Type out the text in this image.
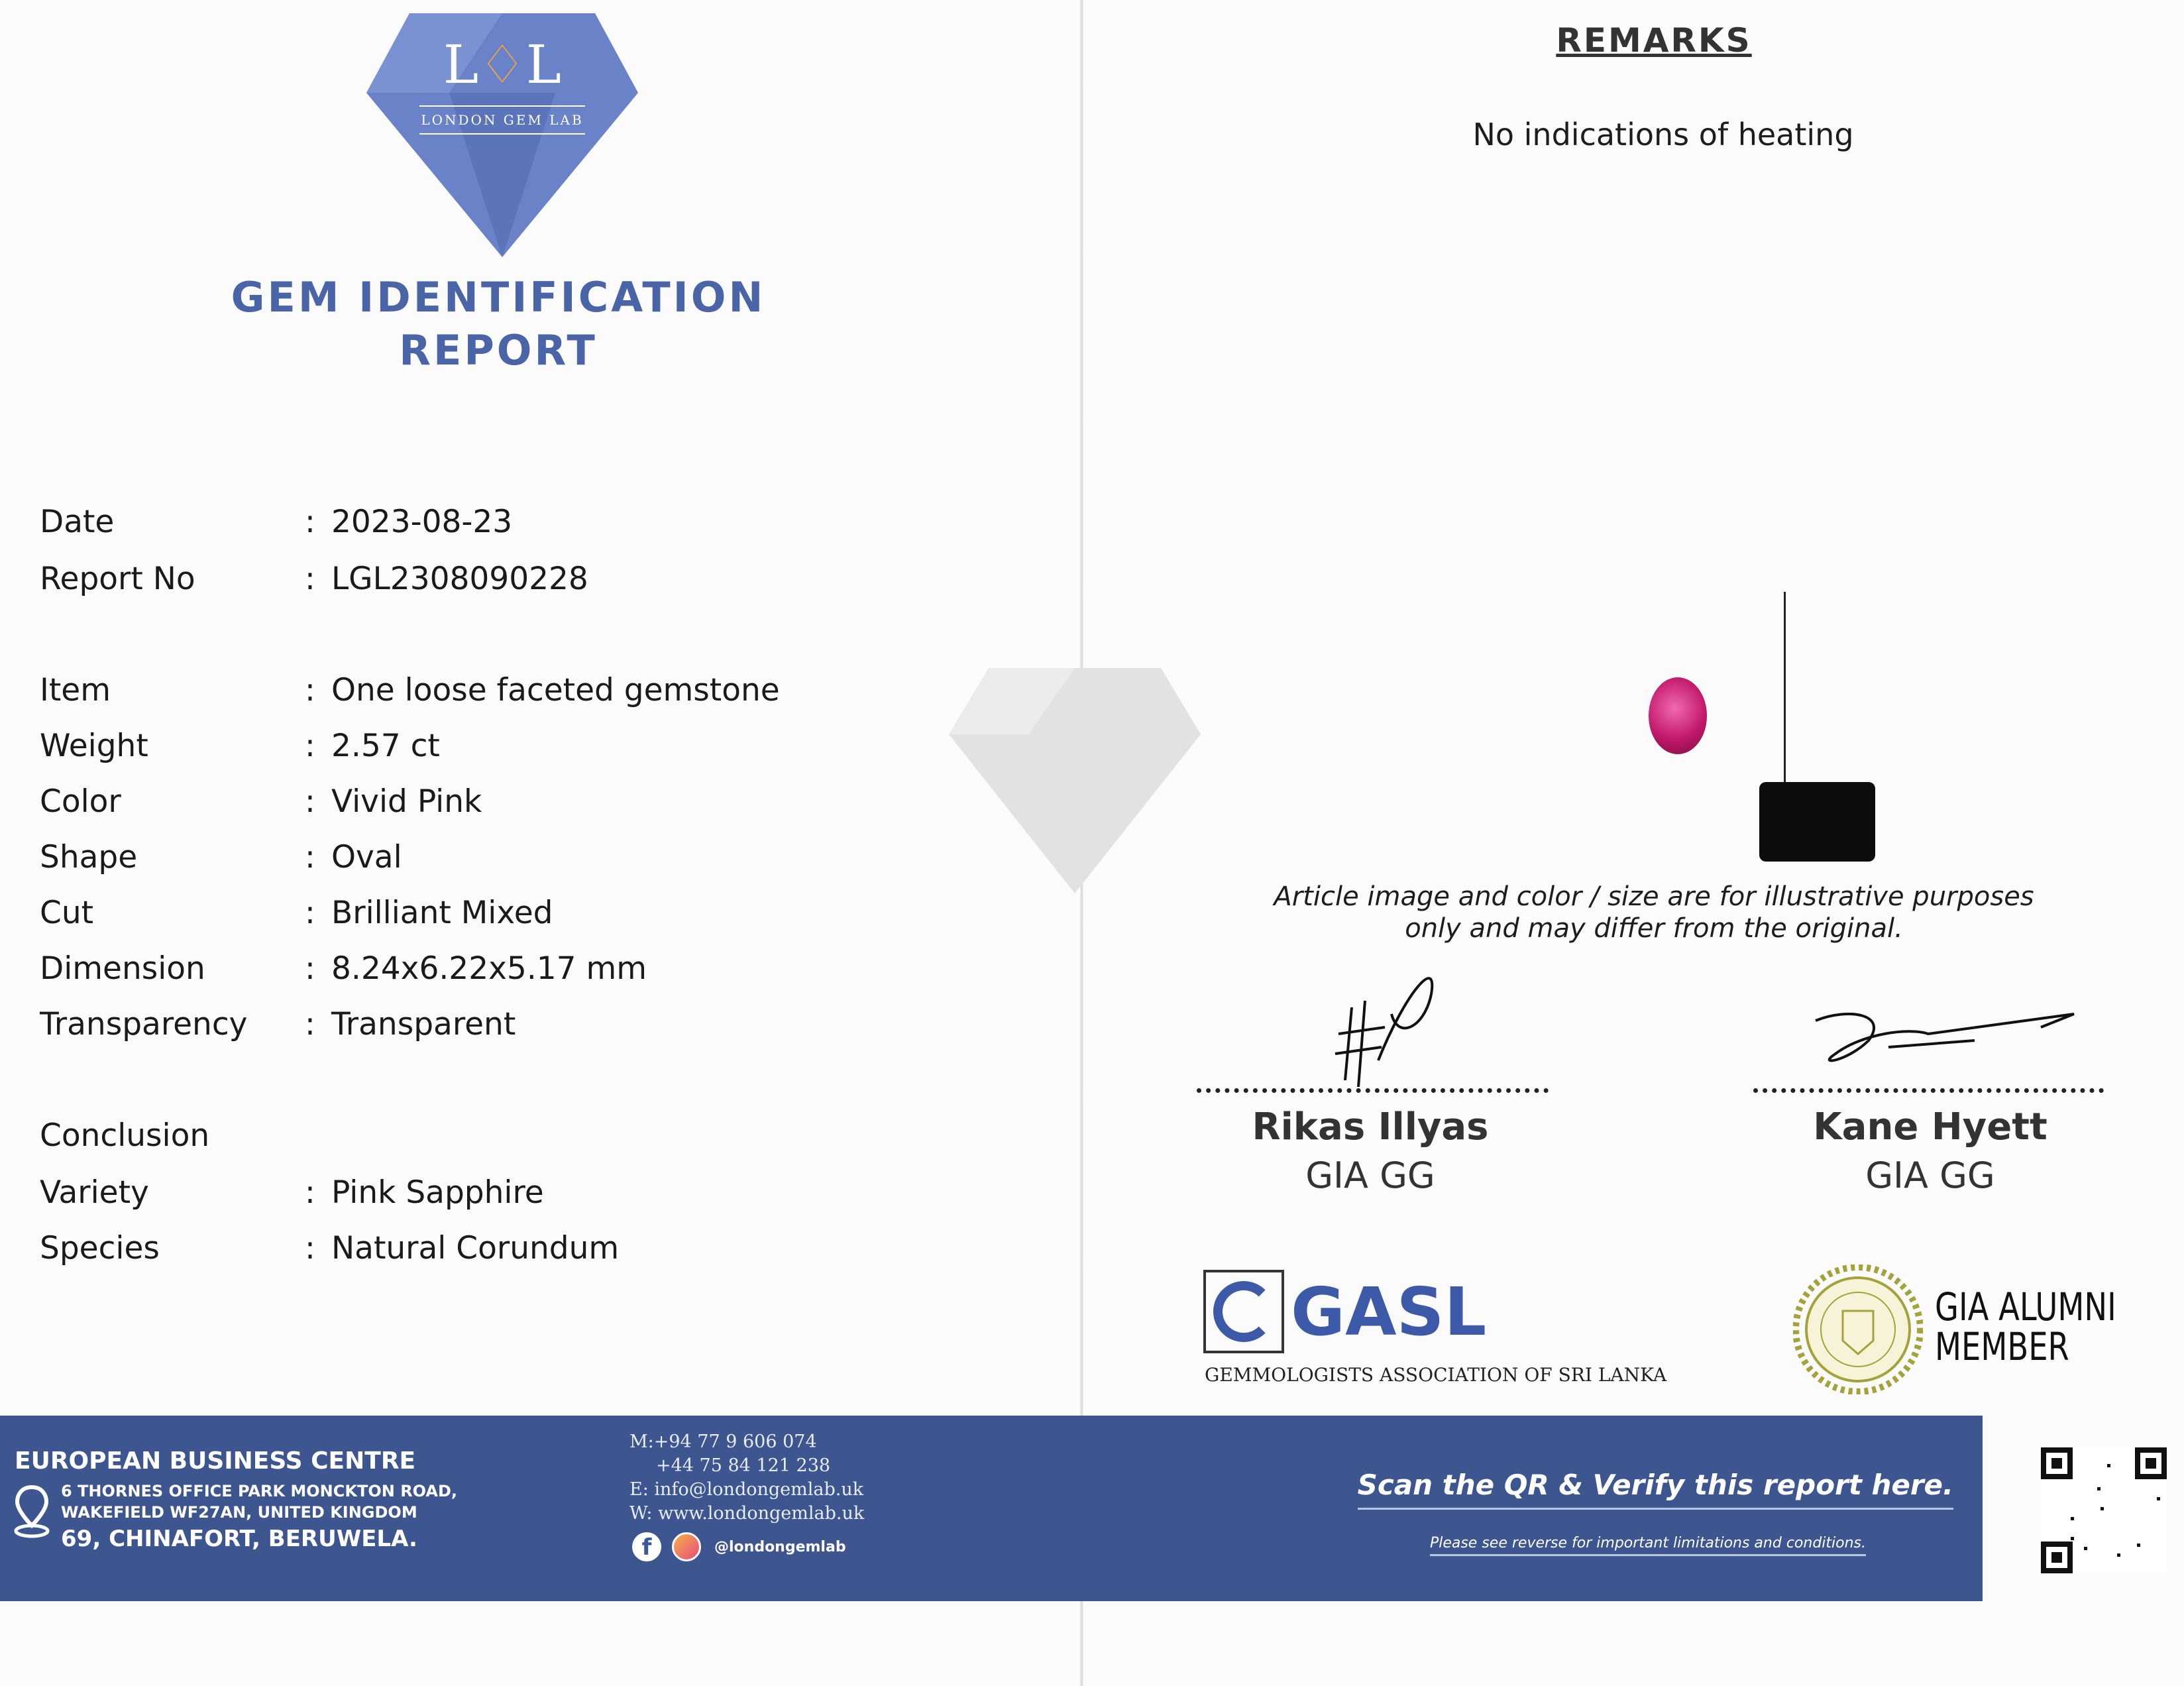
L♢L
LONDON GEM LAB
GEM IDENTIFICATION
REPORT
Date	: 2023-08-23
Report No	: LGL2308090228
Item	: One loose faceted gemstone
Weight	: 2.57 ct
Color	: Vivid Pink
Shape	: Oval
Cut	: Brilliant Mixed
Dimension	: 8.24x6.22x5.17 mm
Transparency : Transparent
Conclusion
Variety	: Pink Sapphire
Species	: Natural Corundum
REMARKS
No indications of heating
Article image and color / size are for illustrative purposes
only and may differ from the original.
Rikas Illyas
GIA GG
Kane Hyett
GIA GG
GASL
GEMMOLOGISTS ASSOCIATION OF SRI LANKA
GIA ALUMNI
MEMBER
EUROPEAN BUSINESS CENTRE
6 THORNES OFFICE PARK MONCKTON ROAD,
WAKEFIELD WF27AN, UNITED KINGDOM
69, CHINAFORT, BERUWELA.
M:+94 77 9 606 074
+44 75 84 121 238
E: info@londongemlab.uk
W: www.londongemlab.uk
f	@londongemlab
Scan the QR & Verify this report here.
Please see reverse for important limitations and conditions.
